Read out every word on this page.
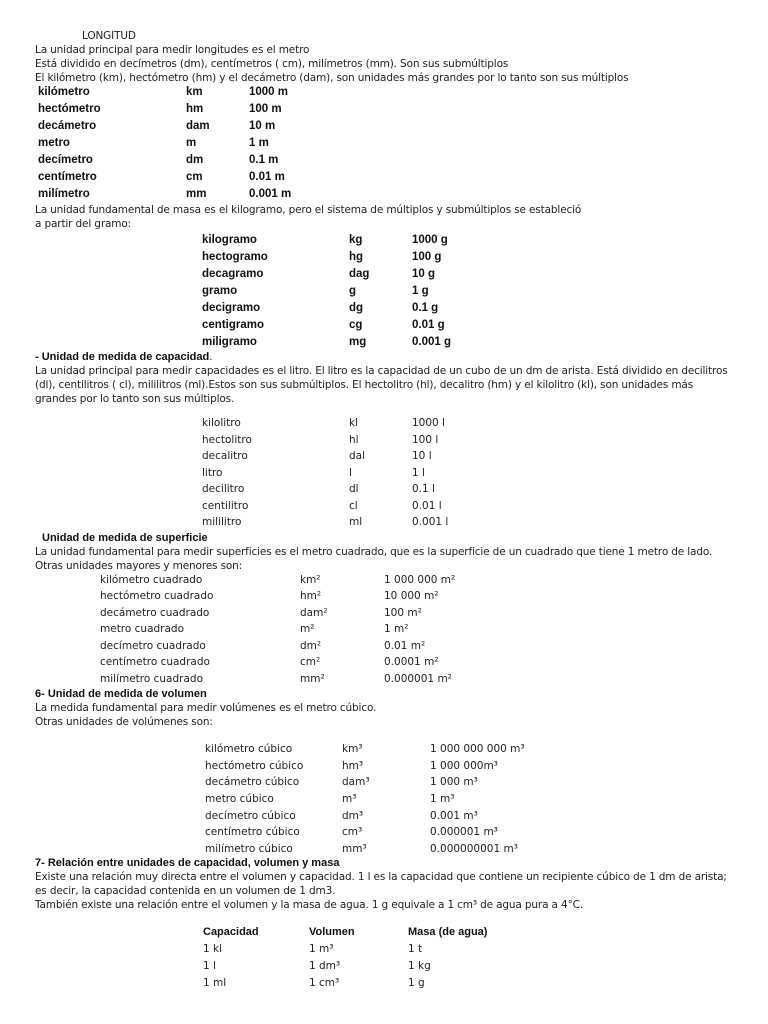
LONGITUD
La unidad principal para medir longitudes es el metro
Está dividido en decímetros (dm), centímetros ( cm), milímetros (mm). Son sus submúltiplos
El kilómetro (km), hectómetro (hm) y el decámetro (dam), son unidades más grandes por lo tanto son sus múltiplos
kilómetro	km	1000 m
hectómetro	hm	100 m
decámetro	dam	10 m
metro	m	1 m
decímetro	dm	0.1 m
centímetro	cm	0.01 m
milímetro	mm	0.001 m
La unidad fundamental de masa es el kilogramo, pero el sistema de múltiplos y submúltiplos se estableció
a partir del gramo:
kilogramo	kg	1000 g
hectogramo	hg	100 g
decagramo	dag	10 g
gramo	g	1 g
decigramo	dg	0.1 g
centigramo	cg	0.01 g
miligramo	mg	0.001 g
- Unidad de medida de capacidad.
La unidad principal para medir capacidades es el litro. El litro es la capacidad de un cubo de un dm de arista. Está dividido en decilitros
(dl), centilitros ( cl), mililitros (ml).Estos son sus submúltiplos. El hectolitro (hl), decalitro (hm) y el kilolitro (kl), son unidades más
grandes por lo tanto son sus múltiplos.
kilolitro	kl	1000 l
hectolitro	hl	100 l
decalitro	dal	10 l
litro	l	1 l
decilitro	dl	0.1 l
centilitro	cl	0.01 l
mililitro	ml	0.001 l
Unidad de medida de superficie
La unidad fundamental para medir superficies es el metro cuadrado, que es la superficie de un cuadrado que tiene 1 metro de lado.
Otras unidades mayores y menores son:
kilómetro cuadrado	km²	1 000 000 m²
hectómetro cuadrado	hm²	10 000 m²
decámetro cuadrado	dam²	100 m²
metro cuadrado	m²	1 m²
decímetro cuadrado	dm²	0.01 m²
centímetro cuadrado	cm²	0.0001 m²
milímetro cuadrado	mm²	0.000001 m²
6- Unidad de medida de volumen
La medida fundamental para medir volúmenes es el metro cúbico.
Otras unidades de volúmenes son:
kilómetro cúbico	km³	1 000 000 000 m³
hectómetro cúbico	hm³	1 000 000m³
decámetro cúbico	dam³	1 000 m³
metro cúbico	m³	1 m³
decímetro cúbico	dm³	0.001 m³
centímetro cúbico	cm³	0.000001 m³
milímetro cúbico	mm³	0.000000001 m³
7- Relación entre unidades de capacidad, volumen y masa
Existe una relación muy directa entre el volumen y capacidad. 1 l es la capacidad que contiene un recipiente cúbico de 1 dm de arista;
es decir, la capacidad contenida en un volumen de 1 dm3.
También existe una relación entre el volumen y la masa de agua. 1 g equivale a 1 cm³ de agua pura a 4°C.
Capacidad	Volumen	Masa (de agua)
1 kl	1 m³	1 t
1 l	1 dm³	1 kg
1 ml	1 cm³	1 g
